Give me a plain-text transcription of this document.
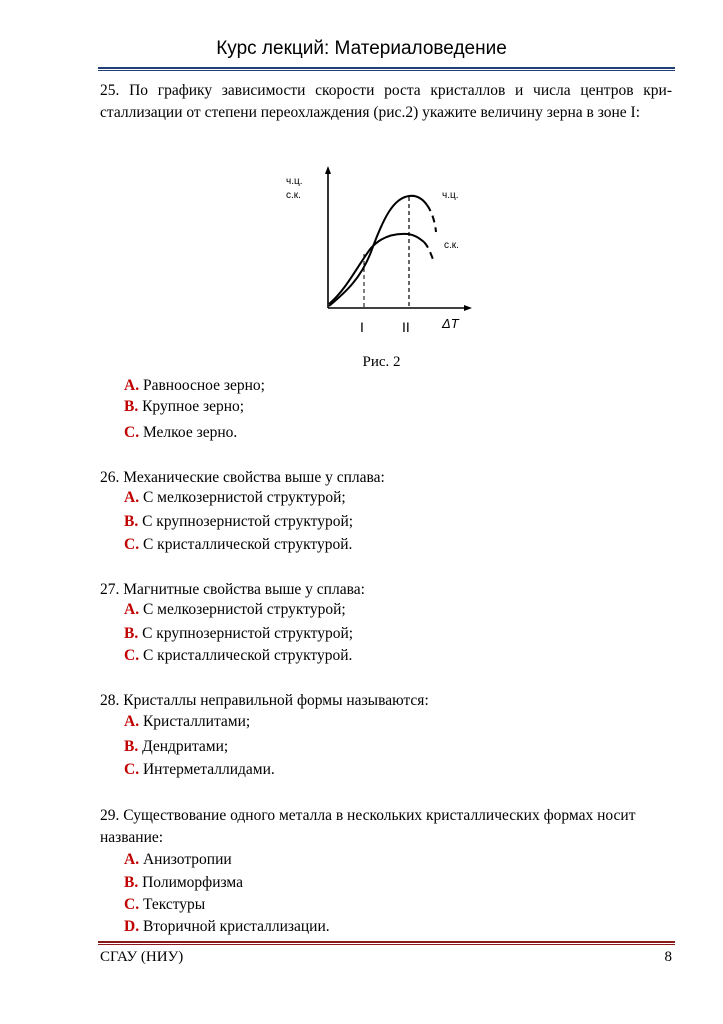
Курс лекций: Материаловедение
25. По графику зависимости скорости роста кристаллов и числа центров кри-сталлизации от степени переохлаждения (рис.2) укажите величину зерна в зоне I:
ч.ц.
с.к.	ч.ц.
с.к.
I	II ΔT
Рис. 2
A. Равноосное зерно;
B. Крупное зерно;
C. Мелкое зерно.
26. Механические свойства выше у сплава:
A. С мелкозернистой структурой;
B. С крупнозернистой структурой;
C. С кристаллической структурой.
27. Магнитные свойства выше у сплава:
A. С мелкозернистой структурой;
B. С крупнозернистой структурой;
C. С кристаллической структурой.
28. Кристаллы неправильной формы называются:
A. Кристаллитами;
B. Дендритами;
C. Интерметаллидами.
29. Существование одного металла в нескольких кристаллических формах носит название:
A. Анизотропии
B. Полиморфизма
C. Текстуры
D. Вторичной кристаллизации.
СГАУ (НИУ)	8
